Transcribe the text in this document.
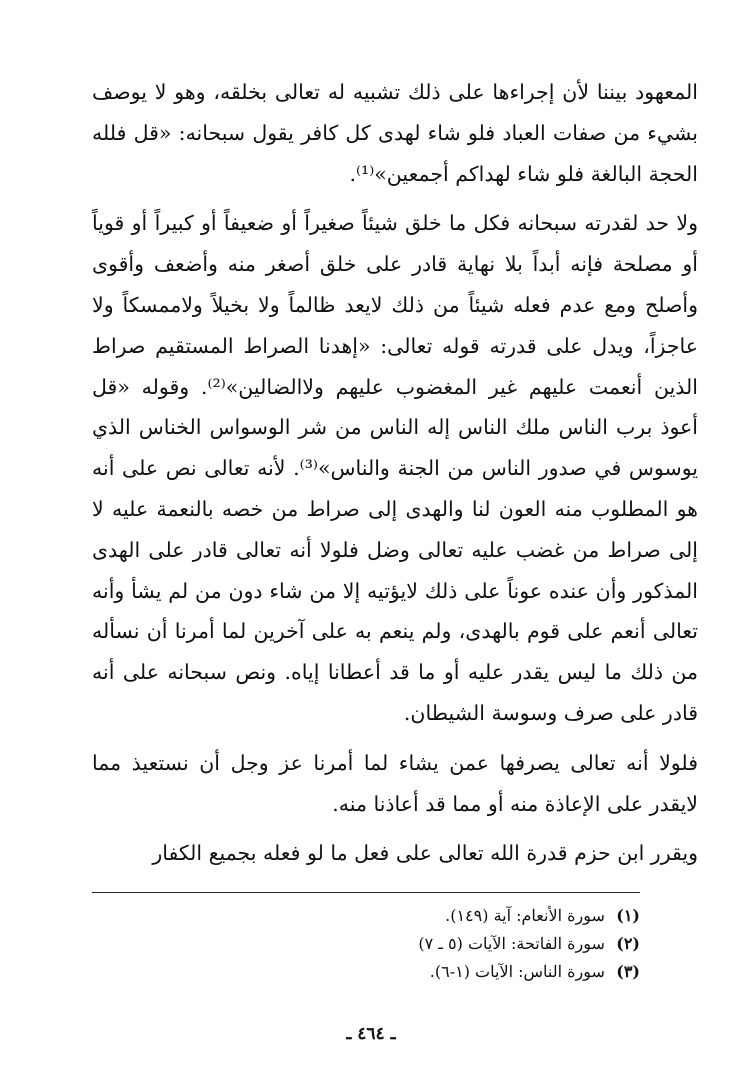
المعهود بيننا لأن إجراءها على ذلك تشبيه له تعالى بخلقه، وهو لا يوصف بشيء من صفات العباد فلو شاء لهدى كل كافر يقول سبحانه: «قل فلله الحجة البالغة فلو شاء لهداكم أجمعين»⁽¹⁾.

ولا حد لقدرته سبحانه فكل ما خلق شيئاً صغيراً أو ضعيفاً أو كبيراً أو قوياً أو مصلحة فإنه أبداً بلا نهاية قادر على خلق أصغر منه وأضعف وأقوى وأصلح ومع عدم فعله شيئاً من ذلك لايعد ظالماً ولا بخيلاً ولاممسكاً ولا عاجزاً، ويدل على قدرته قوله تعالى: «إهدنا الصراط المستقيم صراط الذين أنعمت عليهم غير المغضوب عليهم ولاالضالين»⁽²⁾. وقوله «قل أعوذ برب الناس ملك الناس إله الناس من شر الوسواس الخناس الذي يوسوس في صدور الناس من الجنة والناس»⁽³⁾. لأنه تعالى نص على أنه هو المطلوب منه العون لنا والهدى إلى صراط من خصه بالنعمة عليه لا إلى صراط من غضب عليه تعالى وضل فلولا أنه تعالى قادر على الهدى المذكور وأن عنده عوناً على ذلك لايؤتيه إلا من شاء دون من لم يشأ وأنه تعالى أنعم على قوم بالهدى، ولم ينعم به على آخرين لما أمرنا أن نسأله من ذلك ما ليس يقدر عليه أو ما قد أعطانا إياه. ونص سبحانه على أنه قادر على صرف وسوسة الشيطان.

فلولا أنه تعالى يصرفها عمن يشاء لما أمرنا عز وجل أن نستعيذ مما لايقدر على الإعاذة منه أو مما قد أعاذنا منه.

ويقرر ابن حزم قدرة الله تعالى على فعل ما لو فعله بجميع الكفار

(١) سورة الأنعام: آية (١٤٩).
(٢) سورة الفاتحة: الآيات (٥ ـ ٧)
(٣) سورة الناس: الآيات (١-٦).
ـ ٤٦٤ ـ
